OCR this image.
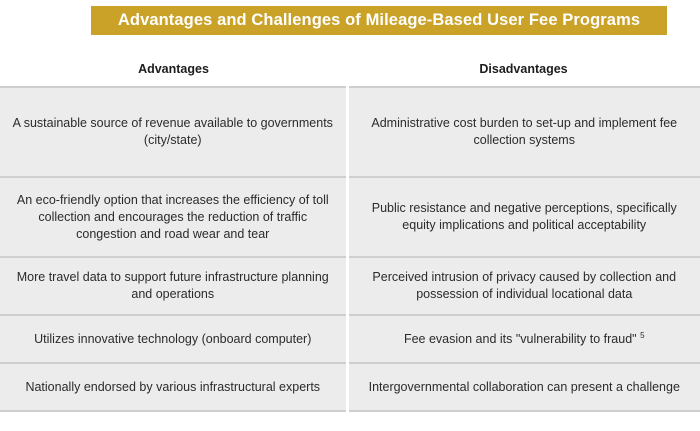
Advantages and Challenges of Mileage-Based User Fee Programs
Advantages	Disadvantages
A sustainable source of revenue available to governments (city/state)	Administrative cost burden to set-up and implement fee collection systems
An eco-friendly option that increases the efficiency of toll collection and encourages the reduction of traffic congestion and road wear and tear	Public resistance and negative perceptions, specifically equity implications and political acceptability
More travel data to support future infrastructure planning and operations	Perceived intrusion of privacy caused by collection and possession of individual locational data
Utilizes innovative technology (onboard computer)	Fee evasion and its "vulnerability to fraud" $^5$
Nationally endorsed by various infrastructural experts	Intergovernmental collaboration can present a challenge
